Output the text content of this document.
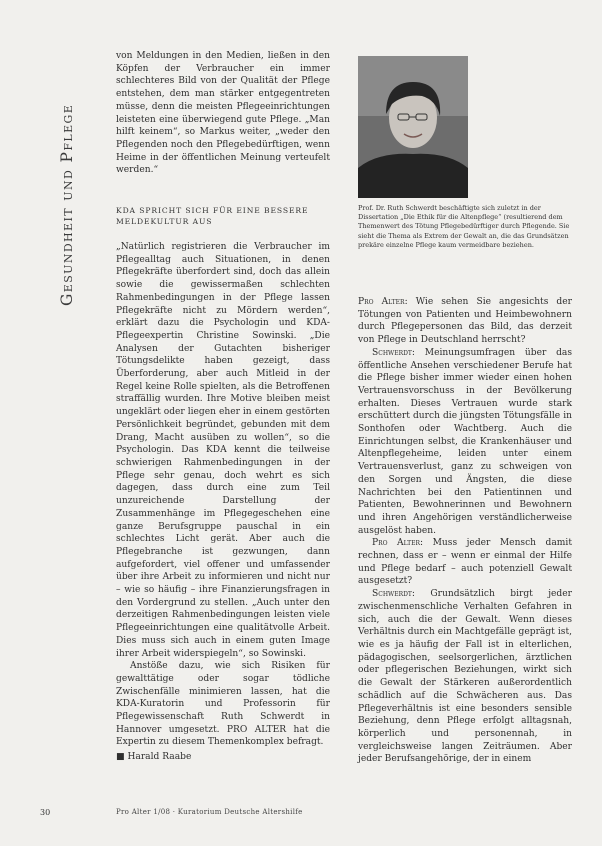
Gesundheit und Pflege

von Meldungen in den Medien, ließen in den Köpfen der Verbraucher ein immer schlechteres Bild von der Qualität der Pflege entstehen, dem man stärker entgegentreten müsse, denn die meisten Pflegeeinrichtungen leisteten eine überwiegend gute Pflege. „Man hilft keinem“, so Markus weiter, „weder den Pflegenden noch den Pflegebedürftigen, wenn Heime in der öffentlichen Meinung verteufelt werden.“

KDA SPRICHT SICH FÜR EINE BESSERE MELDEKULTUR AUS

„Natürlich registrieren die Verbraucher im Pflegealltag auch Situationen, in denen Pflegekräfte überfordert sind, doch das allein sowie die gewissermaßen schlechten Rahmenbedingungen in der Pflege lassen Pflegekräfte nicht zu Mördern werden“, erklärt dazu die Psychologin und KDA-Pflegeexpertin Christine Sowinski. „Die Analysen der Gutachten bisheriger Tötungsdelikte haben gezeigt, dass Überforderung, aber auch Mitleid in der Regel keine Rolle spielten, als die Betroffenen straffällig wurden. Ihre Motive bleiben meist ungeklärt oder liegen eher in einem gestörten Persönlichkeit begründet, gebunden mit dem Drang, Macht ausüben zu wollen“, so die Psychologin. Das KDA kennt die teilweise schwierigen Rahmenbedingungen in der Pflege sehr genau, doch wehrt es sich dagegen, dass durch eine zum Teil unzureichende Darstellung der Zusammenhänge im Pflegegeschehen eine ganze Berufsgruppe pauschal in ein schlechtes Licht gerät. Aber auch die Pflegebranche ist gezwungen, dann aufgefordert, viel offener und umfassender über ihre Arbeit zu informieren und nicht nur – wie so häufig – ihre Finanzierungsfragen in den Vordergrund zu stellen. „Auch unter den derzeitigen Rahmenbedingungen leisten viele Pflegeeinrichtungen eine qualitätvolle Arbeit. Dies muss sich auch in einem guten Image ihrer Arbeit widerspiegeln“, so Sowinski.

Anstöße dazu, wie sich Risiken für gewalttätige oder sogar tödliche Zwischenfälle minimieren lassen, hat die KDA-Kuratorin und Professorin für Pflegewissenschaft Ruth Schwerdt in Hannover umgesetzt. PRO ALTER hat die Expertin zu diesem Themenkomplex befragt.

■ Harald Raabe

Prof. Dr. Ruth Schwerdt beschäftigte sich zuletzt in der Dissertation „Die Ethik für die Altenpflege“ (resultierend dem Themenwert des Tötung Pflegebedürftiger durch Pflegende. Sie sieht die Thema als Extrem der Gewalt an, die das Grundsätzen prekäre einzelne Pflege kaum vermeidbare beziehen.

Pro Alter: Wie sehen Sie angesichts der Tötungen von Patienten und Heimbewohnern durch Pflegepersonen das Bild, das derzeit von Pflege in Deutschland herrscht?

Schwerdt: Meinungsumfragen über das öffentliche Ansehen verschiedener Berufe hat die Pflege bisher immer wieder einen hohen Vertrauensvorschuss in der Bevölkerung erhalten. Dieses Vertrauen wurde stark erschüttert durch die jüngsten Tötungsfälle in Sonthofen oder Wachtberg. Auch die Einrichtungen selbst, die Krankenhäuser und Altenpflegeheime, leiden unter einem Vertrauensverlust, ganz zu schweigen von den Sorgen und Ängsten, die diese Nachrichten bei den Patientinnen und Patienten, Bewohnerinnen und Bewohnern und ihren Angehörigen verständlicherweise ausgelöst haben.

Pro Alter: Muss jeder Mensch damit rechnen, dass er – wenn er einmal der Hilfe und Pflege bedarf – auch potenziell Gewalt ausgesetzt?

Schwerdt: Grundsätzlich birgt jeder zwischenmenschliche Verhalten Gefahren in sich, auch die der Gewalt. Wenn dieses Verhältnis durch ein Machtgefälle geprägt ist, wie es ja häufig der Fall ist in elterlichen, pädagogischen, seelsorgerlichen, ärztlichen oder pflegerischen Beziehungen, wirkt sich die Gewalt der Stärkeren außerordentlich schädlich auf die Schwächeren aus. Das Pflegeverhältnis ist eine besonders sensible Beziehung, denn Pflege erfolgt alltagsnah, körperlich und personennah, in vergleichsweise langen Zeiträumen. Aber jeder Berufsangehörige, der in einem

30	Pro Alter 1/08 · Kuratorium Deutsche Altershilfe
